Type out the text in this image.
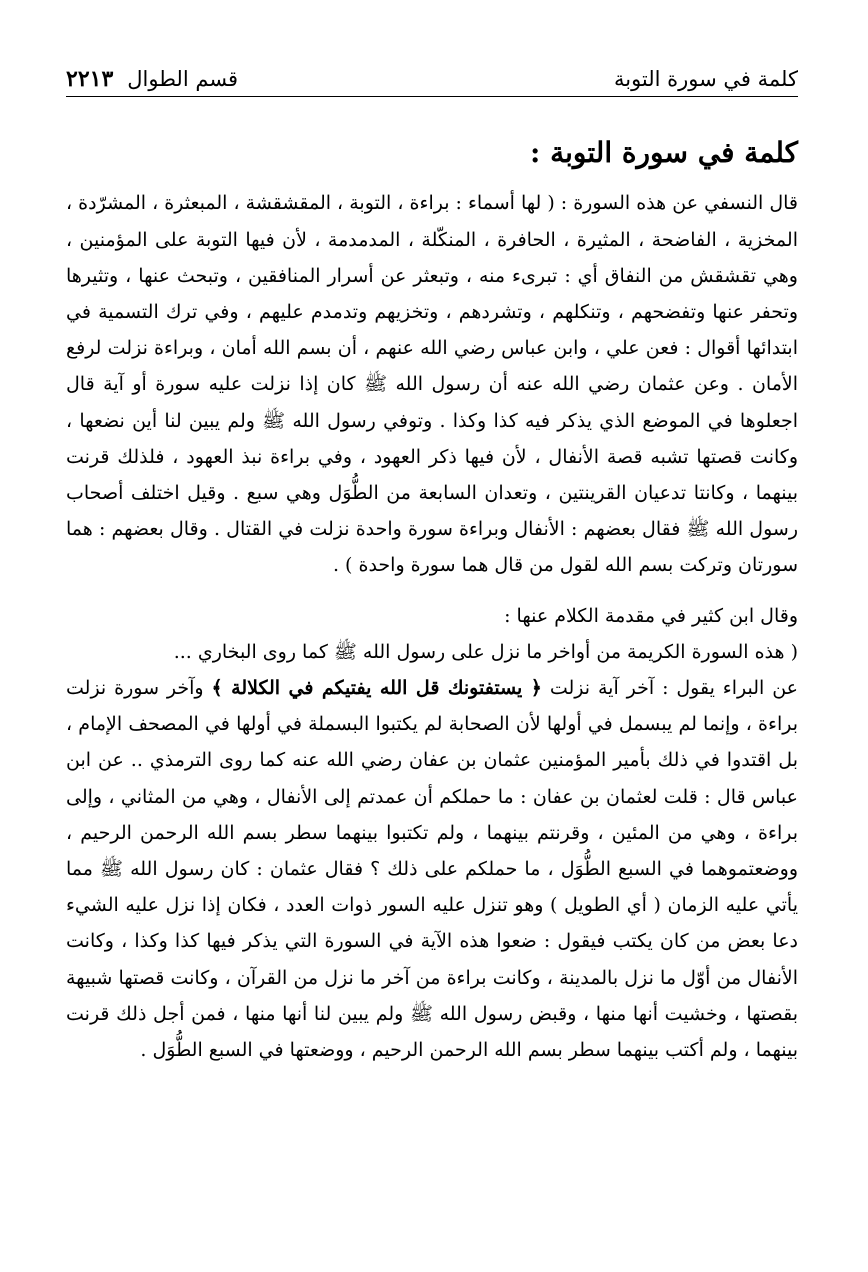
كلمة في سورة التوبة
قسم الطوال
٢٢١٣
كلمة في سورة التوبة :

قال النسفي عن هذه السورة : ( لها أسماء : براءة ، التوبة ، المقشقشة ، المبعثرة ، المشرّدة ، المخزية ، الفاضحة ، المثيرة ، الحافرة ، المنكّلة ، المدمدمة ، لأن فيها التوبة على المؤمنين ، وهي تقشقش من النفاق أي : تبرىء منه ، وتبعثر عن أسرار المنافقين ، وتبحث عنها ، وتثيرها وتحفر عنها وتفضحهم ، وتنكلهم ، وتشردهم ، وتخزيهم وتدمدم عليهم ، وفي ترك التسمية في ابتدائها أقوال : فعن علي ، وابن عباس رضي الله عنهم ، أن بسم الله أمان ، وبراءة نزلت لرفع الأمان . وعن عثمان رضي الله عنه أن رسول الله ﷺ كان إذا نزلت عليه سورة أو آية قال اجعلوها في الموضع الذي يذكر فيه كذا وكذا . وتوفي رسول الله ﷺ ولم يبين لنا أين نضعها ، وكانت قصتها تشبه قصة الأنفال ، لأن فيها ذكر العهود ، وفي براءة نبذ العهود ، فلذلك قرنت بينهما ، وكانتا تدعيان القرينتين ، وتعدان السابعة من الطُّوَل وهي سبع . وقيل اختلف أصحاب رسول الله ﷺ فقال بعضهم : الأنفال وبراءة سورة واحدة نزلت في القتال . وقال بعضهم : هما سورتان وتركت بسم الله لقول من قال هما سورة واحدة ) .

وقال ابن كثير في مقدمة الكلام عنها :

( هذه السورة الكريمة من أواخر ما نزل على رسول الله ﷺ كما روى البخاري ...

عن البراء يقول : آخر آية نزلت ﴿ يستفتونك قل الله يفتيكم في الكلالة ﴾ وآخر سورة نزلت براءة ، وإنما لم يبسمل في أولها لأن الصحابة لم يكتبوا البسملة في أولها في المصحف الإمام ، بل اقتدوا في ذلك بأمير المؤمنين عثمان بن عفان رضي الله عنه كما روى الترمذي .. عن ابن عباس قال : قلت لعثمان بن عفان : ما حملكم أن عمدتم إلى الأنفال ، وهي من المثاني ، وإلى براءة ، وهي من المئين ، وقرنتم بينهما ، ولم تكتبوا بينهما سطر بسم الله الرحمن الرحيم ، ووضعتموهما في السبع الطُّوَل ، ما حملكم على ذلك ؟ فقال عثمان : كان رسول الله ﷺ مما يأتي عليه الزمان ( أي الطويل ) وهو تنزل عليه السور ذوات العدد ، فكان إذا نزل عليه الشيء دعا بعض من كان يكتب فيقول : ضعوا هذه الآية في السورة التي يذكر فيها كذا وكذا ، وكانت الأنفال من أوّل ما نزل بالمدينة ، وكانت براءة من آخر ما نزل من القرآن ، وكانت قصتها شبيهة بقصتها ، وخشيت أنها منها ، وقبض رسول الله ﷺ ولم يبين لنا أنها منها ، فمن أجل ذلك قرنت بينهما ، ولم أكتب بينهما سطر بسم الله الرحمن الرحيم ، ووضعتها في السبع الطُّوَل .
